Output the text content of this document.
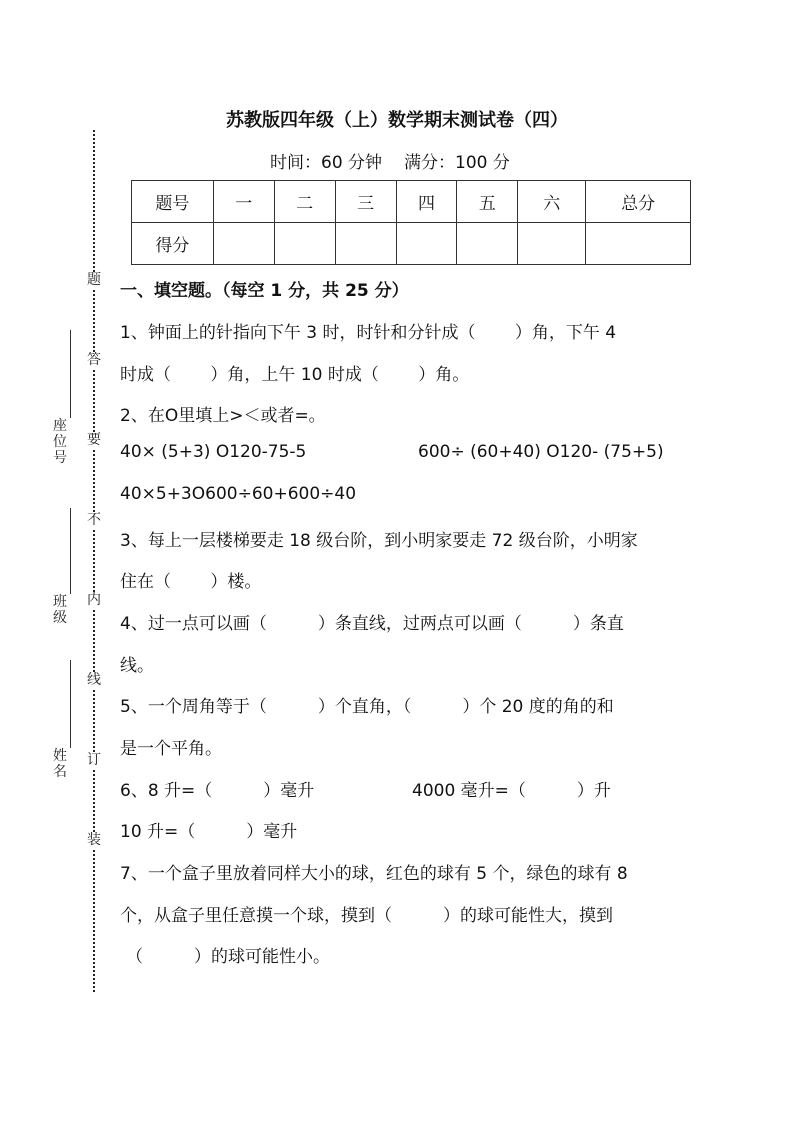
题
答
要
不
内
线
订
装
座
位
号
班
级
姓
名
苏教版四年级（上）数学期末测试卷（四）
时间：60 分钟 满分：100 分
题号	一	二	三	四	五	六	总分
得分							
一、填空题。（每空 1 分，共 25 分）
1、钟面上的针指向下午 3 时，时针和分针成（　　 ）角，下午 4
时成（　　 ）角，上午 10 时成（　　 ）角。
2、在O里填上>＜或者=。
40× (5+3) O120-75-5	600÷ (60+40) O120- (75+5)
40×5+3O600÷60+600÷40
3、每上一层楼梯要走 18 级台阶，到小明家要走 72 级台阶，小明家
住在（　　 ）楼。
4、过一点可以画（　　　）条直线，过两点可以画（　　　）条直
线。
5、一个周角等于（　　　）个直角，（　　　）个 20 度的角的和
是一个平角。
6、8 升=（　　　）毫升	4000 毫升=（　　　）升
10 升=（　　　）毫升
7、一个盒子里放着同样大小的球，红色的球有 5 个，绿色的球有 8
个，从盒子里任意摸一个球，摸到（　　　）的球可能性大，摸到
（　　　）的球可能性小。
